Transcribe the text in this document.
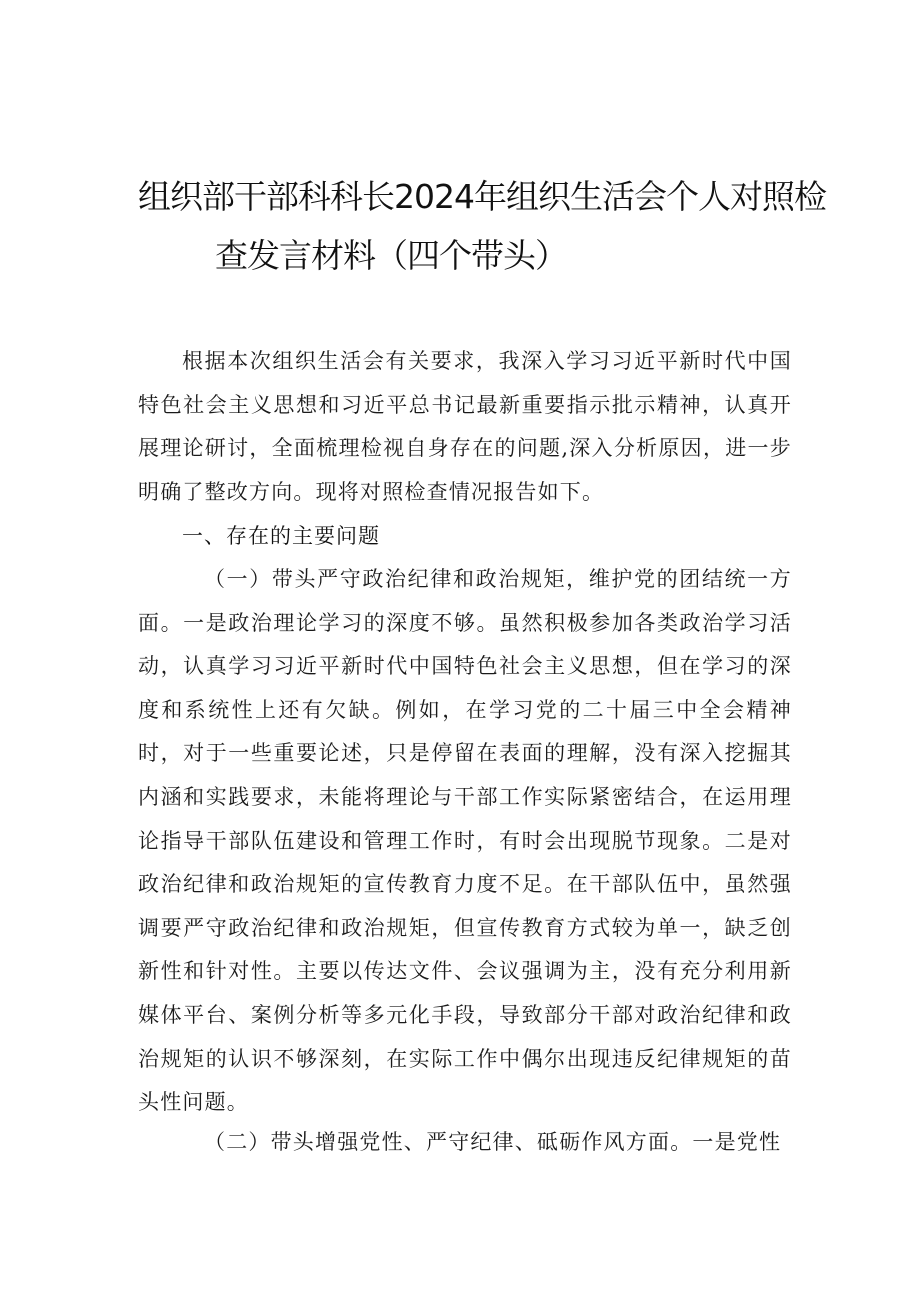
组织部干部科科长2024年组织生活会个人对照检
查发言材料（四个带头）
根据本次组织生活会有关要求，我深入学习习近平新时代中国特色社会主义思想和习近平总书记最新重要指示批示精神，认真开展理论研讨，全面梳理检视自身存在的问题,深入分析原因，进一步明确了整改方向。现将对照检查情况报告如下。
一、存在的主要问题
（一）带头严守政治纪律和政治规矩，维护党的团结统一方面。一是政治理论学习的深度不够。虽然积极参加各类政治学习活动，认真学习习近平新时代中国特色社会主义思想，但在学习的深度和系统性上还有欠缺。例如，在学习党的二十届三中全会精神时，对于一些重要论述，只是停留在表面的理解，没有深入挖掘其内涵和实践要求，未能将理论与干部工作实际紧密结合，在运用理论指导干部队伍建设和管理工作时，有时会出现脱节现象。二是对政治纪律和政治规矩的宣传教育力度不足。在干部队伍中，虽然强调要严守政治纪律和政治规矩，但宣传教育方式较为单一，缺乏创新性和针对性。主要以传达文件、会议强调为主，没有充分利用新媒体平台、案例分析等多元化手段，导致部分干部对政治纪律和政治规矩的认识不够深刻，在实际工作中偶尔出现违反纪律规矩的苗头性问题。
（二）带头增强党性、严守纪律、砥砺作风方面。一是党性
